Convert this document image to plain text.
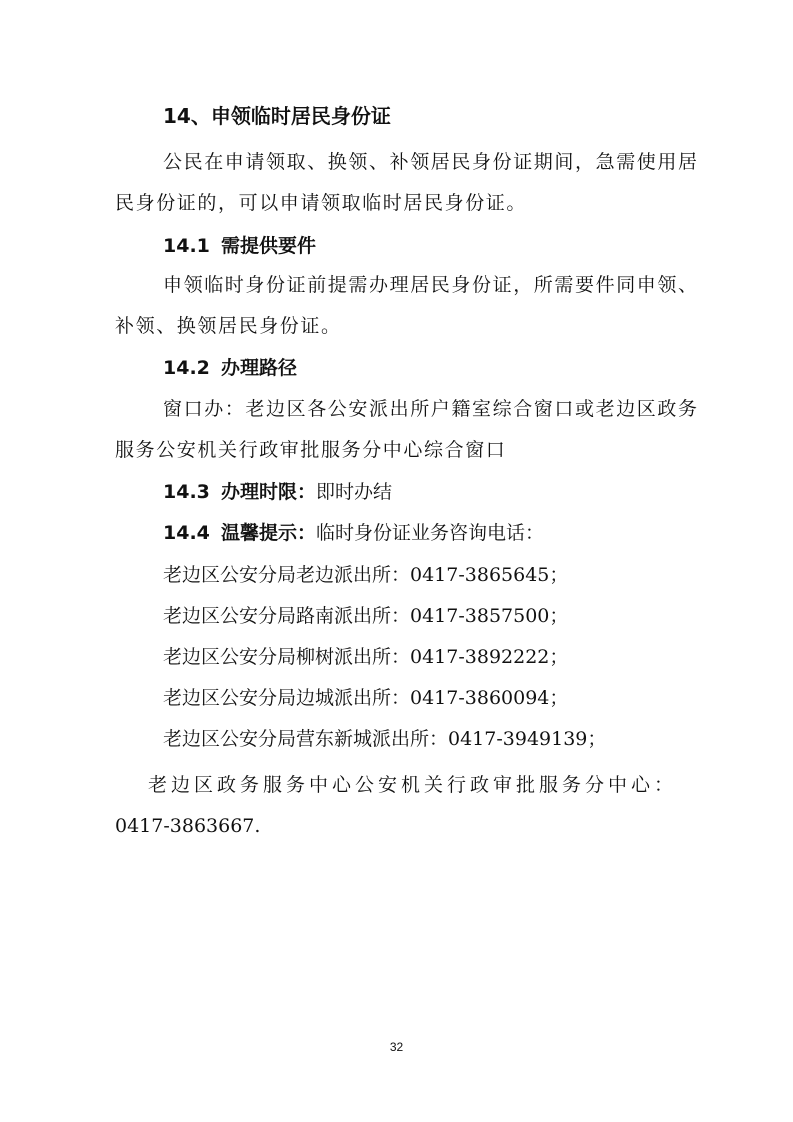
14、申领临时居民身份证
公民在申请领取、换领、补领居民身份证期间，急需使用居
民身份证的，可以申请领取临时居民身份证。
14.1 需提供要件
申领临时身份证前提需办理居民身份证，所需要件同申领、
补领、换领居民身份证。
14.2 办理路径
窗口办：老边区各公安派出所户籍室综合窗口或老边区政务
服务公安机关行政审批服务分中心综合窗口
14.3 办理时限：即时办结
14.4 温馨提示：临时身份证业务咨询电话：
老边区公安分局老边派出所：0417-3865645；
老边区公安分局路南派出所：0417-3857500；
老边区公安分局柳树派出所：0417-3892222；
老边区公安分局边城派出所：0417-3860094；
老边区公安分局营东新城派出所：0417-3949139；
老边区政务服务中心公安机关行政审批服务分中心：
0417-3863667.
32
